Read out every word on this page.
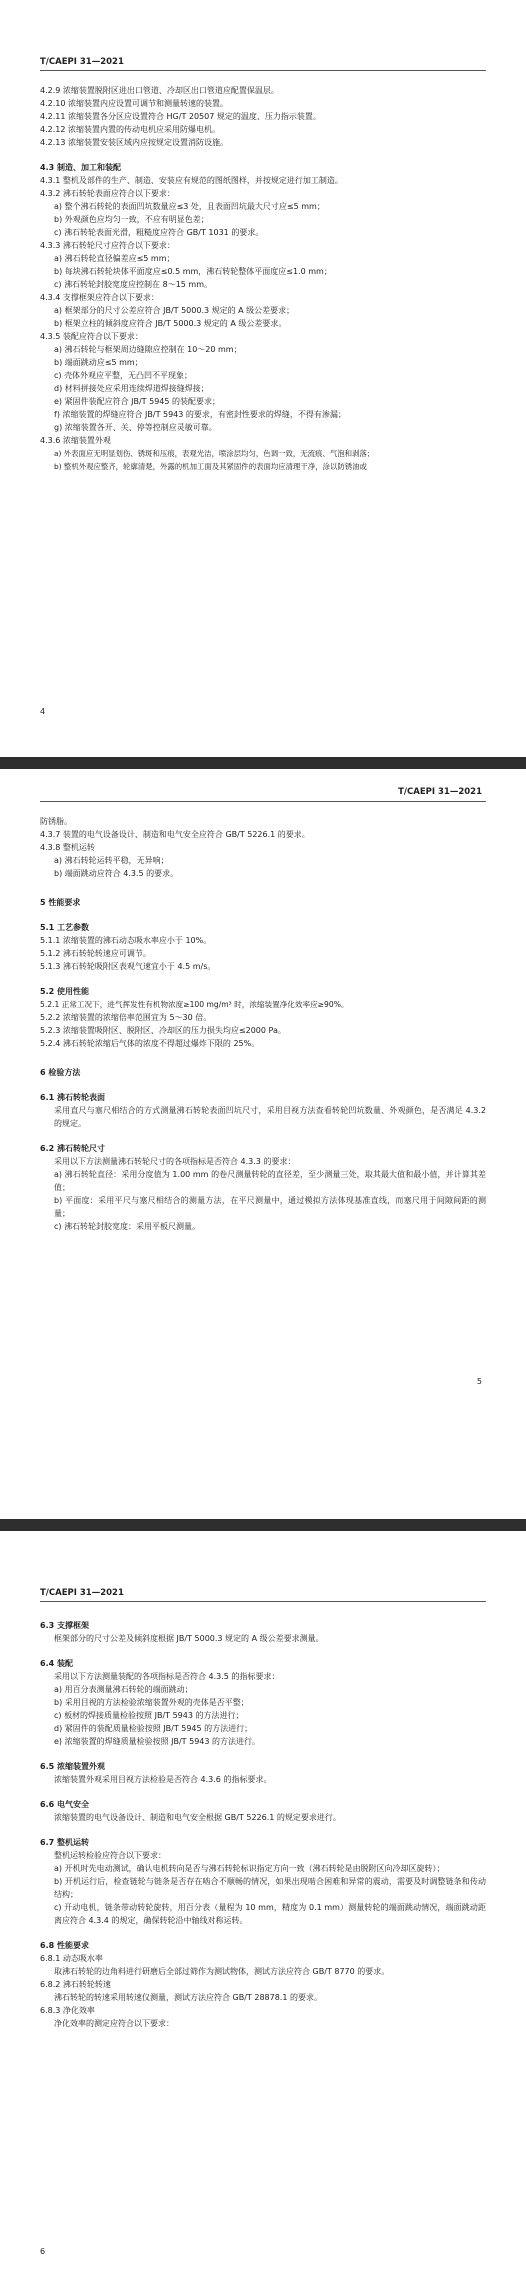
T/CAEPI 31—2021

4.2.9 浓缩装置脱附区进出口管道、冷却区出口管道应配置保温层。

4.2.10 浓缩装置内应设置可调节和测量转速的装置。

4.2.11 浓缩装置各分区应设置符合 HG/T 20507 规定的温度、压力指示装置。

4.2.12 浓缩装置内置的传动电机应采用防爆电机。

4.2.13 浓缩装置安装区域内应按规定设置消防设施。

4.3 制造、加工和装配

4.3.1 整机及部件的生产、制造、安装应有规范的图纸图样，并按规定进行加工制造。

4.3.2 沸石转轮表面应符合以下要求：

a) 整个沸石转轮的表面凹坑数量应≤3 处，且表面凹坑最大尺寸应≤5 mm；

b) 外观颜色应均匀一致，不应有明显色差；

c) 沸石转轮表面光滑，粗糙度应符合 GB/T 1031 的要求。

4.3.3 沸石转轮尺寸应符合以下要求：

a) 沸石转轮直径偏差应≤5 mm；

b) 每块沸石转轮块体平面度应≤0.5 mm，沸石转轮整体平面度应≤1.0 mm；

c) 沸石转轮封胶宽度应控制在 8～15 mm。

4.3.4 支撑框架应符合以下要求：

a) 框架部分的尺寸公差应符合 JB/T 5000.3 规定的 A 级公差要求；

b) 框架立柱的倾斜度应符合 JB/T 5000.3 规定的 A 级公差要求。

4.3.5 装配应符合以下要求：

a) 沸石转轮与框架周边缝隙应控制在 10～20 mm；

b) 端面跳动应≤5 mm；

c) 壳体外观应平整，无凸凹不平现象；

d) 材料拼接处应采用连续焊道焊接缝焊接；

e) 紧固件装配应符合 JB/T 5945 的装配要求；

f) 浓缩装置的焊缝应符合 JB/T 5943 的要求，有密封性要求的焊缝，不得有渗漏；

g) 浓缩装置各开、关、停等控制应灵敏可靠。

4.3.6 浓缩装置外观

a) 外表面应无明显划伤、锈斑和压痕，表观光洁，喷涂层均匀，色调一致，无流痕、气泡和剥落；

b) 整机外观应整齐，轮廓清楚，外露的机加工面及其紧固件的表面均应清理干净，涂以防锈油或

4
T/CAEPI 31—2021

防锈脂。

4.3.7 装置的电气设备设计、制造和电气安全应符合 GB/T 5226.1 的要求。

4.3.8 整机运转

a) 沸石转轮运转平稳，无异响；

b) 端面跳动应符合 4.3.5 的要求。

5 性能要求

5.1 工艺参数

5.1.1 浓缩装置的沸石动态吸水率应小于 10%。

5.1.2 沸石转轮转速应可调节。

5.1.3 沸石转轮吸附区表观气速宜小于 4.5 m/s。

5.2 使用性能

5.2.1 正常工况下，进气挥发性有机物浓度≥100 mg/m³ 时，浓缩装置净化效率应≥90%。

5.2.2 浓缩装置的浓缩倍率范围宜为 5～30 倍。

5.2.3 浓缩装置吸附区、脱附区、冷却区的压力损失均应≤2000 Pa。

5.2.4 沸石转轮浓缩后气体的浓度不得超过爆炸下限的 25%。

6 检验方法

6.1 沸石转轮表面

采用直尺与塞尺相结合的方式测量沸石转轮表面凹坑尺寸，采用目视方法查看转轮凹坑数量、外观颜色，是否满足 4.3.2 的规定。

6.2 沸石转轮尺寸

采用以下方法测量沸石转轮尺寸的各项指标是否符合 4.3.3 的要求：

a) 沸石转轮直径：采用分度值为 1.00 mm 的卷尺测量转轮的直径差，至少测量三处，取其最大值和最小值，并计算其差值；

b) 平面度：采用平尺与塞尺相结合的测量方法，在平尺测量中，通过模拟方法体现基准直线，而塞尺用于间隙间距的测量；

c) 沸石转轮封胶宽度：采用平板尺测量。

5
T/CAEPI 31—2021

6.3 支撑框架

框架部分的尺寸公差及倾斜度根据 JB/T 5000.3 规定的 A 级公差要求测量。

6.4 装配

采用以下方法测量装配的各项指标是否符合 4.3.5 的指标要求：

a) 用百分表测量沸石转轮的端面跳动；

b) 采用目视的方法检验浓缩装置外观的壳体是否平整；

c) 板材的焊接质量检验按照 JB/T 5943 的方法进行；

d) 紧固件的装配质量检验按照 JB/T 5945 的方法进行；

e) 浓缩装置的焊缝质量检验按照 JB/T 5943 的方法进行。

6.5 浓缩装置外观

浓缩装置外观采用目视方法检验是否符合 4.3.6 的指标要求。

6.6 电气安全

浓缩装置的电气设备设计、制造和电气安全根据 GB/T 5226.1 的规定要求进行。

6.7 整机运转

整机运转检验应符合以下要求：

a) 开机时先电动测试，确认电机转向是否与沸石转轮标识指定方向一致（沸石转轮是由脱附区向冷却区旋转）；

b) 开机运行后，检查链轮与链条是否存在啮合不顺畅的情况，如果出现啮合困难和异常的震动，需要及时调整链条和传动结构；

c) 开动电机，链条带动转轮旋转，用百分表（量程为 10 mm，精度为 0.1 mm）测量转轮的端面跳动情况，端面跳动距离应符合 4.3.4 的规定，确保转轮沿中轴线对称运转。

6.8 性能要求

6.8.1 动态吸水率

取沸石转轮的边角料进行研磨后全部过筛作为测试物体，测试方法应符合 GB/T 8770 的要求。

6.8.2 沸石转轮转速

沸石转轮的转速采用转速仪测量，测试方法应符合 GB/T 28878.1 的要求。

6.8.3 净化效率

净化效率的测定应符合以下要求：

6
